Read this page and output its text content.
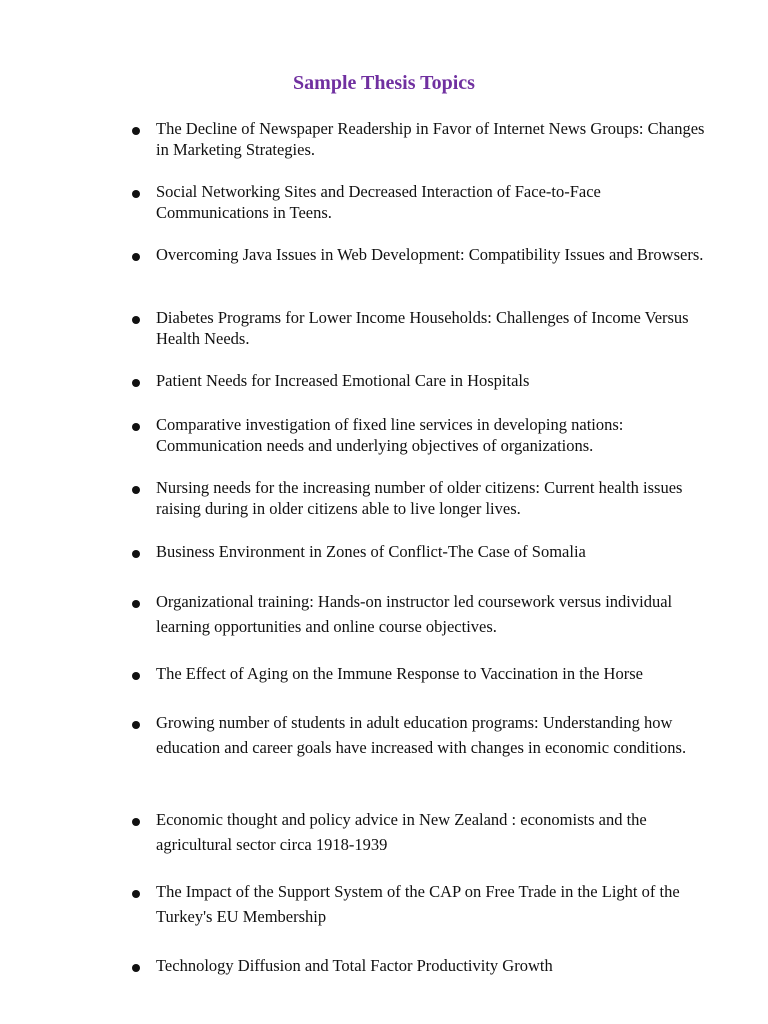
Sample Thesis Topics
The Decline of Newspaper Readership in Favor of Internet News Groups: Changes in Marketing Strategies.
Social Networking Sites and Decreased Interaction of Face-to-Face Communications in Teens.
Overcoming Java Issues in Web Development: Compatibility Issues and Browsers.
Diabetes Programs for Lower Income Households: Challenges of Income Versus Health Needs.
Patient Needs for Increased Emotional Care in Hospitals
Comparative investigation of fixed line services in developing nations: Communication needs and underlying objectives of organizations.
Nursing needs for the increasing number of older citizens: Current health issues raising during in older citizens able to live longer lives.
Business Environment in Zones of Conflict-The Case of Somalia
Organizational training: Hands-on instructor led coursework versus individual learning opportunities and online course objectives.
The Effect of Aging on the Immune Response to Vaccination in the Horse
Growing number of students in adult education programs: Understanding how education and career goals have increased with changes in economic conditions.
Economic thought and policy advice in New Zealand : economists and the agricultural sector circa 1918-1939
The Impact of the Support System of the CAP on Free Trade in the Light of the Turkey's EU Membership
Technology Diffusion and Total Factor Productivity Growth
